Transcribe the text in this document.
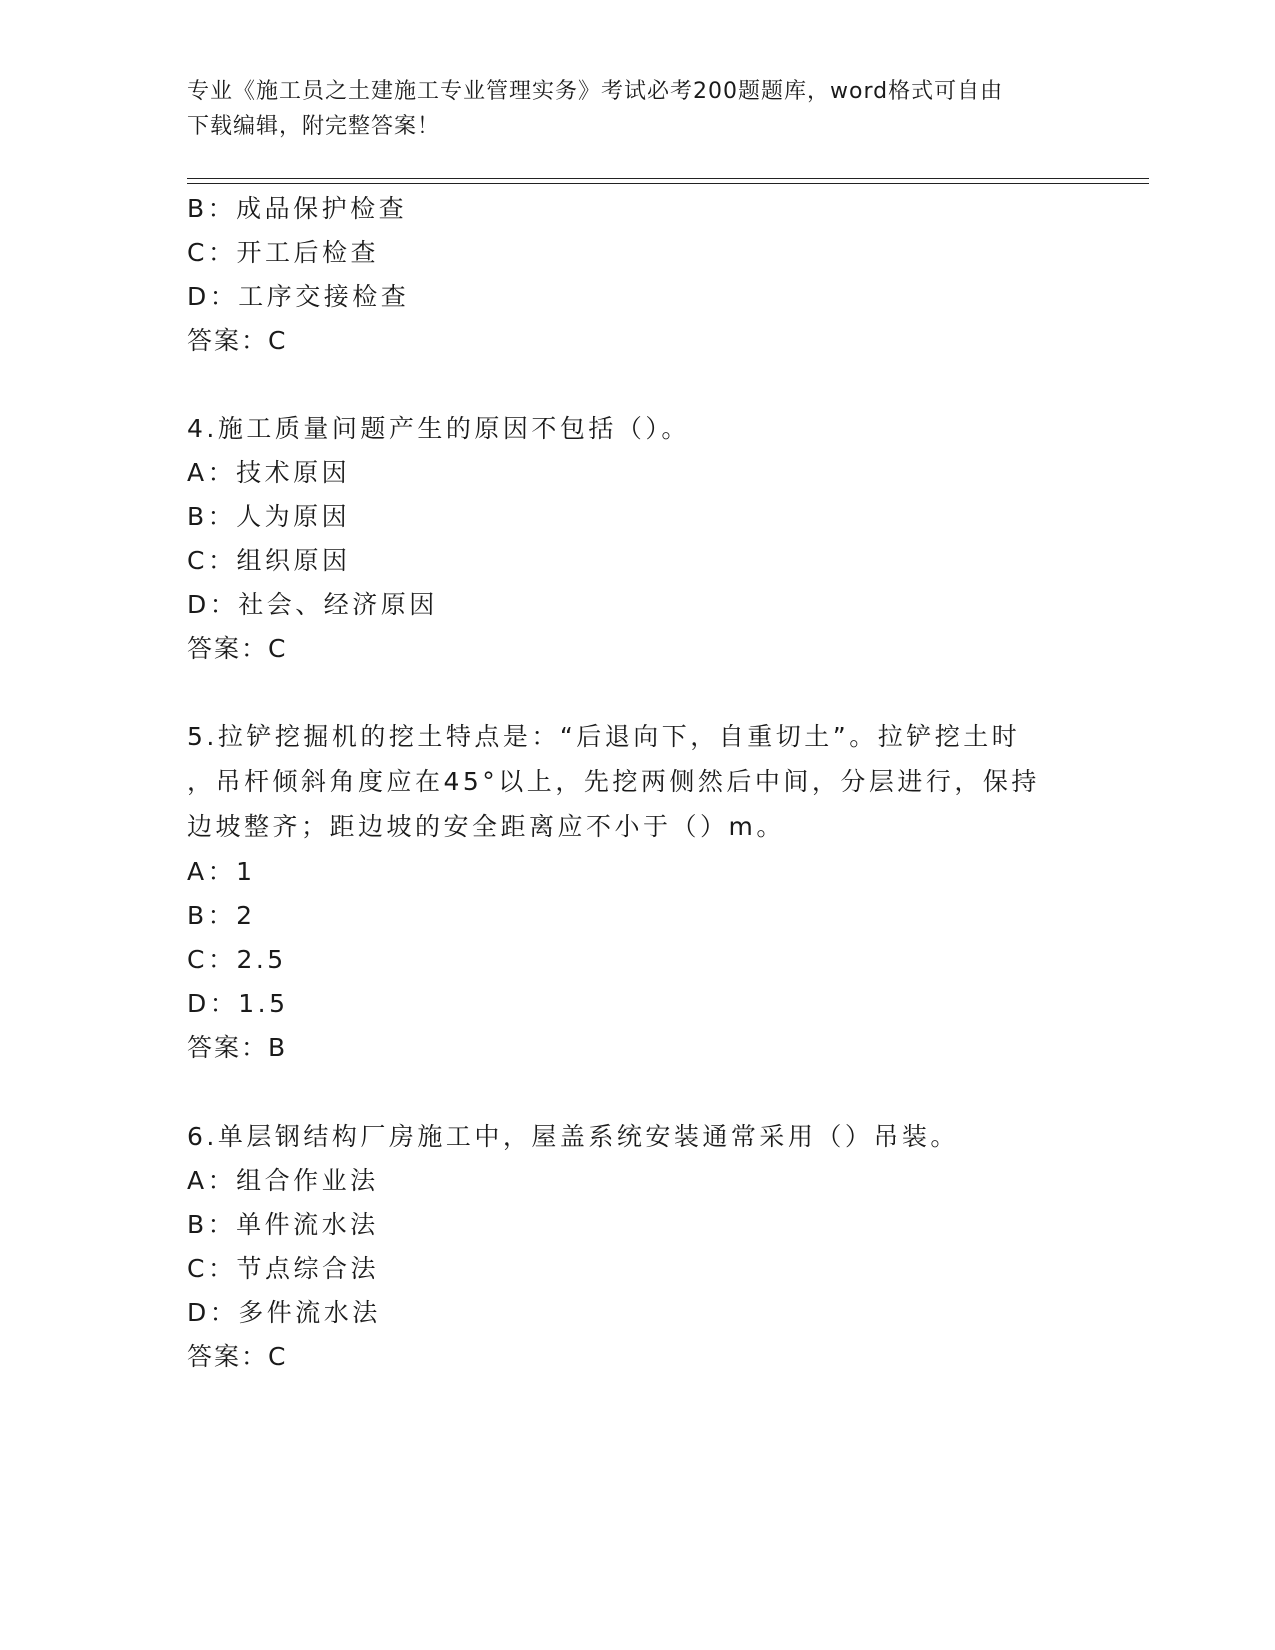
专业《施工员之土建施工专业管理实务》考试必考200题题库，word格式可自由
下载编辑，附完整答案！
B：成品保护检查
C：开工后检查
D：工序交接检查
答案：C
4.施工质量问题产生的原因不包括（）。
A：技术原因
B：人为原因
C：组织原因
D：社会、经济原因
答案：C
5.拉铲挖掘机的挖土特点是：“后退向下，自重切土”。拉铲挖土时
，吊杆倾斜角度应在45°以上，先挖两侧然后中间，分层进行，保持
边坡整齐；距边坡的安全距离应不小于（）m。
A：1
B：2
C：2.5
D：1.5
答案：B
6.单层钢结构厂房施工中，屋盖系统安装通常采用（）吊装。
A：组合作业法
B：单件流水法
C：节点综合法
D：多件流水法
答案：C
